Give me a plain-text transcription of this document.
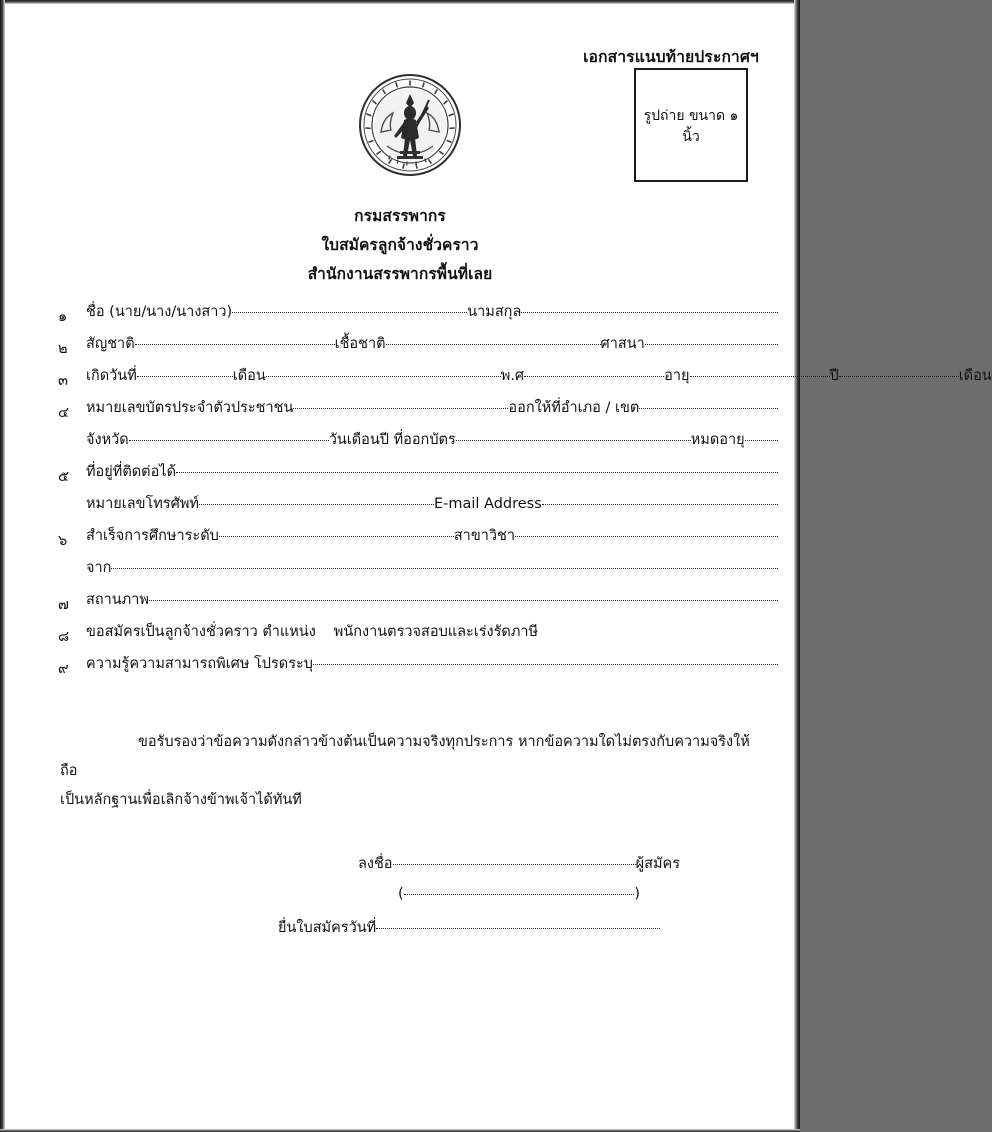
เอกสารแนบท้ายประกาศฯ
รูปถ่าย ขนาด ๑
นิ้ว
กรมสรรพากร
ใบสมัครลูกจ้างชั่วคราว
สำนักงานสรรพากรพื้นที่เลย
๑	ชื่อ (นาย/นาง/นางสาว)	นามสกุล
๒	สัญชาติ	เชื้อชาติ	ศาสนา
๓	เกิดวันที่	เดือน	พ.ศ	อายุ	ปี	เดือน
๔	หมายเลขบัตรประจำตัวประชาชน	ออกให้ที่อำเภอ / เขต
จังหวัด	วันเดือนปี ที่ออกบัตร	หมดอายุ
๕	ที่อยู่ที่ติดต่อได้
หมายเลขโทรศัพท์	E-mail Address
๖	สำเร็จการศึกษาระดับ	สาขาวิชา
จาก
๗	สถานภาพ
๘	ขอสมัครเป็นลูกจ้างชั่วคราว ตำแหน่ง พนักงานตรวจสอบและเร่งรัดภาษี
๙	ความรู้ความสามารถพิเศษ โปรดระบุ
ขอรับรองว่าข้อความดังกล่าวข้างต้นเป็นความจริงทุกประการ หากข้อความใดไม่ตรงกับความจริงให้ถือ
เป็นหลักฐานเพื่อเลิกจ้างข้าพเจ้าได้ทันที
ลงชื่อ	ผู้สมัคร
(	)
ยื่นใบสมัครวันที่
